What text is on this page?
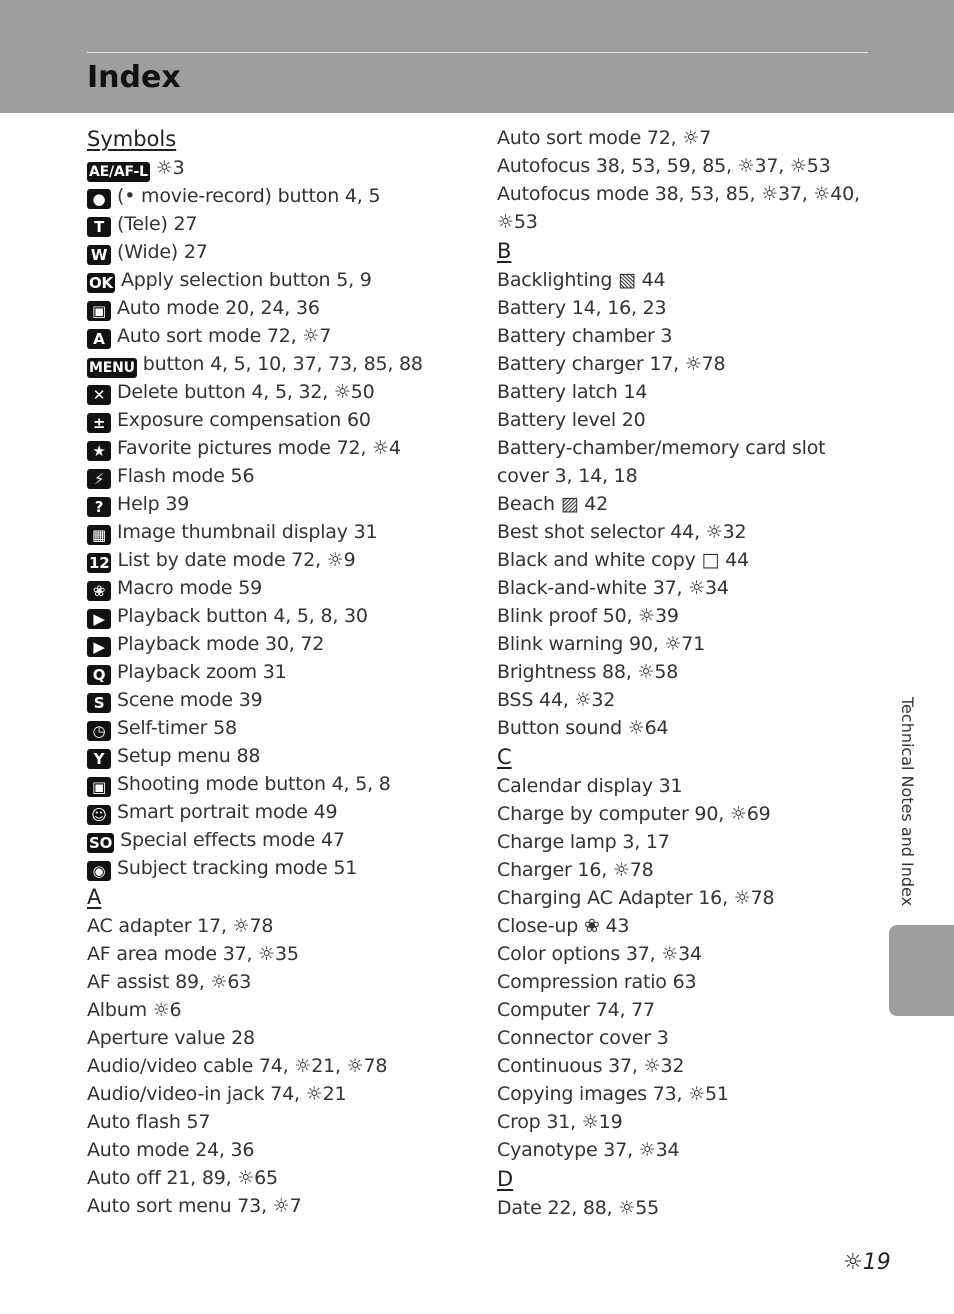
Index
Symbols
AE/AF-L ☼3
● (• movie-record) button 4, 5
T (Tele) 27
W (Wide) 27
OK Apply selection button 5, 9
▣ Auto mode 20, 24, 36
A Auto sort mode 72, ☼7
MENU button 4, 5, 10, 37, 73, 85, 88
✕ Delete button 4, 5, 32, ☼50
± Exposure compensation 60
★ Favorite pictures mode 72, ☼4
⚡ Flash mode 56
? Help 39
▦ Image thumbnail display 31
12 List by date mode 72, ☼9
❀ Macro mode 59
▶ Playback button 4, 5, 8, 30
▶ Playback mode 30, 72
Q Playback zoom 31
S Scene mode 39
◷ Self-timer 58
Y Setup menu 88
▣ Shooting mode button 4, 5, 8
☺ Smart portrait mode 49
SO Special effects mode 47
◉ Subject tracking mode 51
A
AC adapter 17, ☼78
AF area mode 37, ☼35
AF assist 89, ☼63
Album ☼6
Aperture value 28
Audio/video cable 74, ☼21, ☼78
Audio/video-in jack 74, ☼21
Auto flash 57
Auto mode 24, 36
Auto off 21, 89, ☼65
Auto sort menu 73, ☼7
Auto sort mode 72, ☼7
Autofocus 38, 53, 59, 85, ☼37, ☼53
Autofocus mode 38, 53, 85, ☼37, ☼40, ☼53
B
Backlighting ▧ 44
Battery 14, 16, 23
Battery chamber 3
Battery charger 17, ☼78
Battery latch 14
Battery level 20
Battery-chamber/memory card slot cover 3, 14, 18
Beach ▨ 42
Best shot selector 44, ☼32
Black and white copy □ 44
Black-and-white 37, ☼34
Blink proof 50, ☼39
Blink warning 90, ☼71
Brightness 88, ☼58
BSS 44, ☼32
Button sound ☼64
C
Calendar display 31
Charge by computer 90, ☼69
Charge lamp 3, 17
Charger 16, ☼78
Charging AC Adapter 16, ☼78
Close-up ❀ 43
Color options 37, ☼34
Compression ratio 63
Computer 74, 77
Connector cover 3
Continuous 37, ☼32
Copying images 73, ☼51
Crop 31, ☼19
Cyanotype 37, ☼34
D
Date 22, 88, ☼55
Technical Notes and Index
☼19
